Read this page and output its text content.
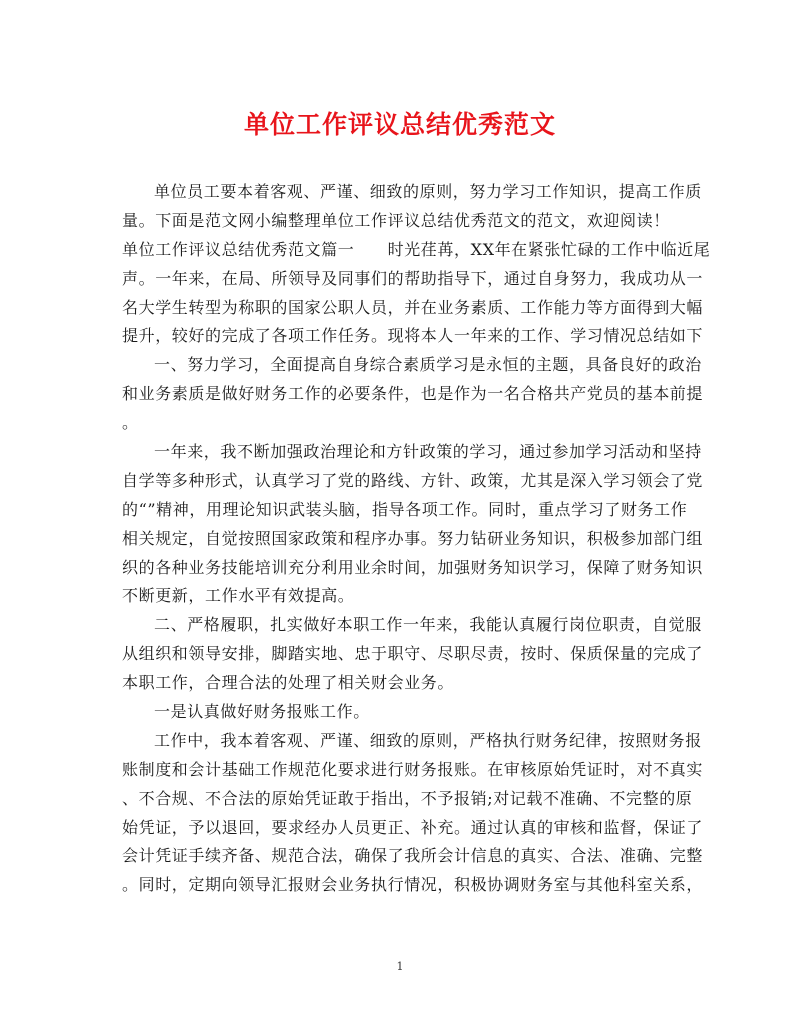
单位工作评议总结优秀范文
单位员工要本着客观、严谨、细致的原则，努力学习工作知识，提高工作质
量。下面是范文网小编整理单位工作评议总结优秀范文的范文，欢迎阅读！
单位工作评议总结优秀范文篇一　　时光荏苒，XX年在紧张忙碌的工作中临近尾
声。一年来，在局、所领导及同事们的帮助指导下，通过自身努力，我成功从一
名大学生转型为称职的国家公职人员，并在业务素质、工作能力等方面得到大幅
提升，较好的完成了各项工作任务。现将本人一年来的工作、学习情况总结如下
一、努力学习，全面提高自身综合素质学习是永恒的主题，具备良好的政治
和业务素质是做好财务工作的必要条件，也是作为一名合格共产党员的基本前提
。
一年来，我不断加强政治理论和方针政策的学习，通过参加学习活动和坚持
自学等多种形式，认真学习了党的路线、方针、政策，尤其是深入学习领会了党
的“”精神，用理论知识武装头脑，指导各项工作。同时，重点学习了财务工作
相关规定，自觉按照国家政策和程序办事。努力钻研业务知识，积极参加部门组
织的各种业务技能培训充分利用业余时间，加强财务知识学习，保障了财务知识
不断更新，工作水平有效提高。
二、严格履职，扎实做好本职工作一年来，我能认真履行岗位职责，自觉服
从组织和领导安排，脚踏实地、忠于职守、尽职尽责，按时、保质保量的完成了
本职工作，合理合法的处理了相关财会业务。
一是认真做好财务报账工作。
工作中，我本着客观、严谨、细致的原则，严格执行财务纪律，按照财务报
账制度和会计基础工作规范化要求进行财务报账。在审核原始凭证时，对不真实
、不合规、不合法的原始凭证敢于指出，不予报销;对记载不准确、不完整的原
始凭证，予以退回，要求经办人员更正、补充。通过认真的审核和监督，保证了
会计凭证手续齐备、规范合法，确保了我所会计信息的真实、合法、准确、完整
。同时，定期向领导汇报财会业务执行情况，积极协调财务室与其他科室关系，
1
